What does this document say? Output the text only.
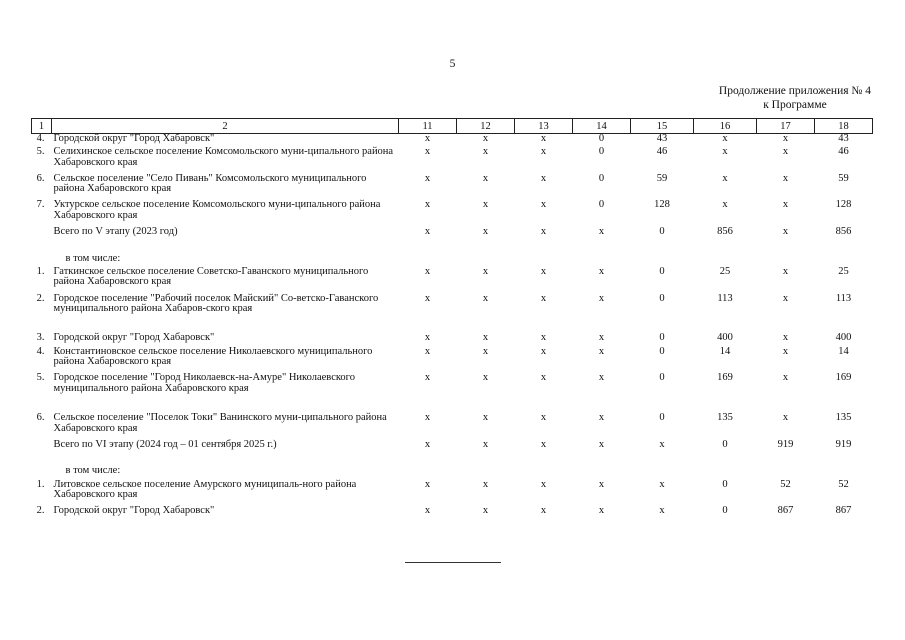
5
Продолжение приложения № 4
к Программе
1	2	11	12	13	14	15	16	17	18
4.	Городской округ "Город Хабаровск"	x	x	x	0	43	x	x	43
5.	Селихинское сельское поселение Комсомольского муни-ципального района Хабаровского края	x	x	x	0	46	x	x	46
6.	Сельское поселение "Село Пивань" Комсомольского муниципального района Хабаровского края	x	x	x	0	59	x	x	59
7.	Уктурское сельское поселение Комсомольского муни-ципального района Хабаровского края	x	x	x	0	128	x	x	128
	Всего по V этапу (2023 год)	x	x	x	x	0	856	x	856
	в том числе:								
1.	Гаткинское сельское поселение Советско-Гаванского муниципального района Хабаровского края	x	x	x	x	0	25	x	25
2.	Городское поселение "Рабочий поселок Майский" Со-ветско-Гаванского муниципального района Хабаров-ского края	x	x	x	x	0	113	x	113
3.	Городской округ "Город Хабаровск"	x	x	x	x	0	400	x	400
4.	Константиновское сельское поселение Николаевского муниципального района Хабаровского края	x	x	x	x	0	14	x	14
5.	Городское поселение "Город Николаевск-на-Амуре" Николаевского муниципального района Хабаровского края	x	x	x	x	0	169	x	169
6.	Сельское поселение "Поселок Токи" Ванинского муни-ципального района Хабаровского края	x	x	x	x	0	135	x	135
	Всего по VI этапу (2024 год – 01 сентября 2025 г.)	x	x	x	x	x	0	919	919
	в том числе:								
1.	Литовское сельское поселение Амурского муниципаль-ного района Хабаровского края	x	x	x	x	x	0	52	52
2.	Городской округ "Город Хабаровск"	x	x	x	x	x	0	867	867
